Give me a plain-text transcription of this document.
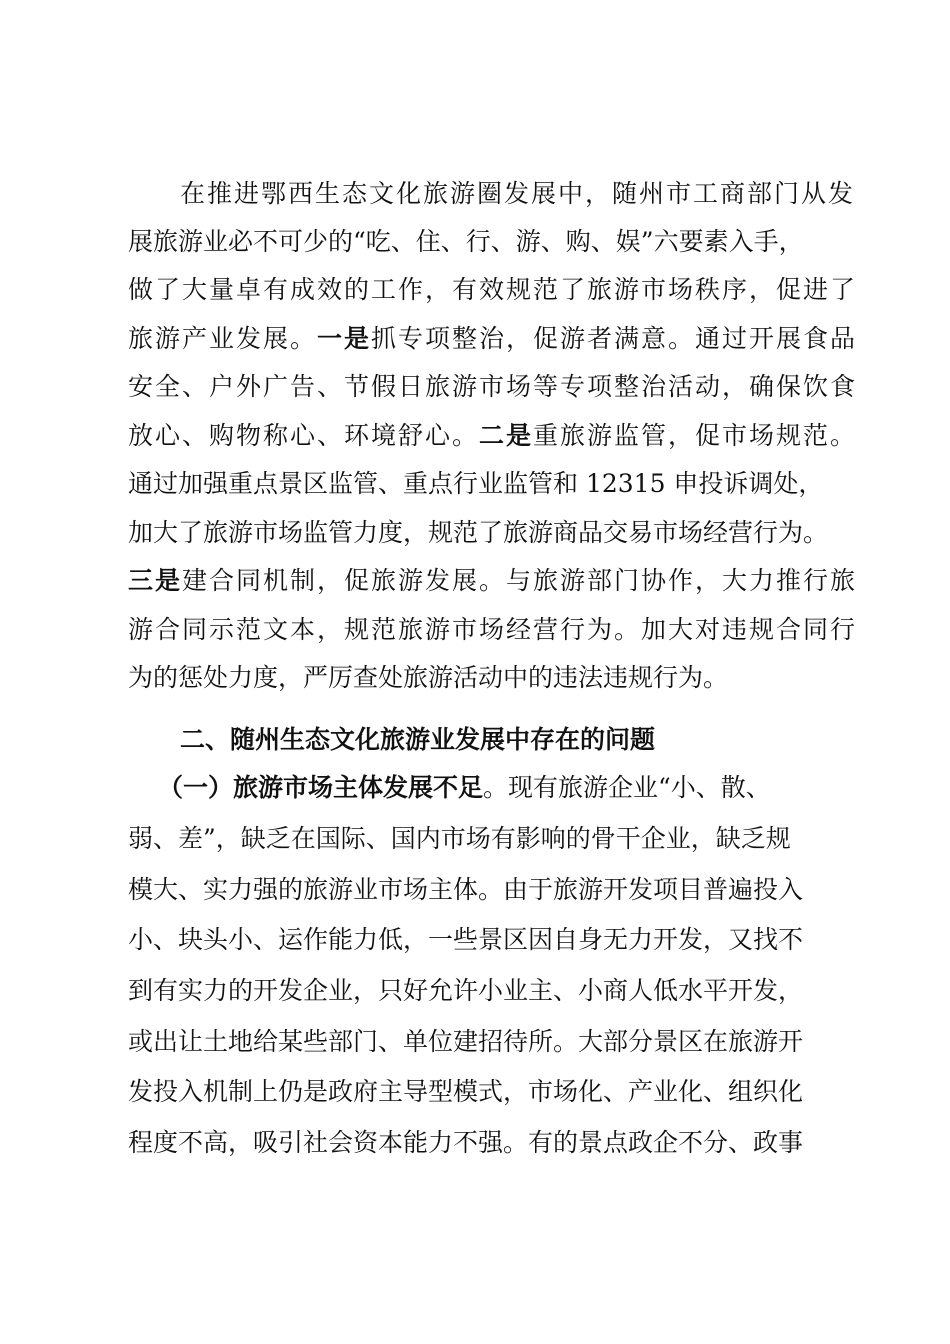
在推进鄂西生态文化旅游圈发展中，随州市工商部门从发
展旅游业必不可少的“吃、住、行、游、购、娱”六要素入手，
做了大量卓有成效的工作，有效规范了旅游市场秩序，促进了
旅游产业发展。一是抓专项整治，促游者满意。通过开展食品
安全、户外广告、节假日旅游市场等专项整治活动，确保饮食
放心、购物称心、环境舒心。二是重旅游监管，促市场规范。
通过加强重点景区监管、重点行业监管和 12315 申投诉调处，
加大了旅游市场监管力度，规范了旅游商品交易市场经营行为。
三是建合同机制，促旅游发展。与旅游部门协作，大力推行旅
游合同示范文本，规范旅游市场经营行为。加大对违规合同行
为的惩处力度，严厉查处旅游活动中的违法违规行为。
二、随州生态文化旅游业发展中存在的问题
（一）旅游市场主体发展不足。现有旅游企业“小、散、
弱、差”，缺乏在国际、国内市场有影响的骨干企业，缺乏规
模大、实力强的旅游业市场主体。由于旅游开发项目普遍投入
小、块头小、运作能力低，一些景区因自身无力开发，又找不
到有实力的开发企业，只好允许小业主、小商人低水平开发，
或出让土地给某些部门、单位建招待所。大部分景区在旅游开
发投入机制上仍是政府主导型模式，市场化、产业化、组织化
程度不高，吸引社会资本能力不强。有的景点政企不分、政事
